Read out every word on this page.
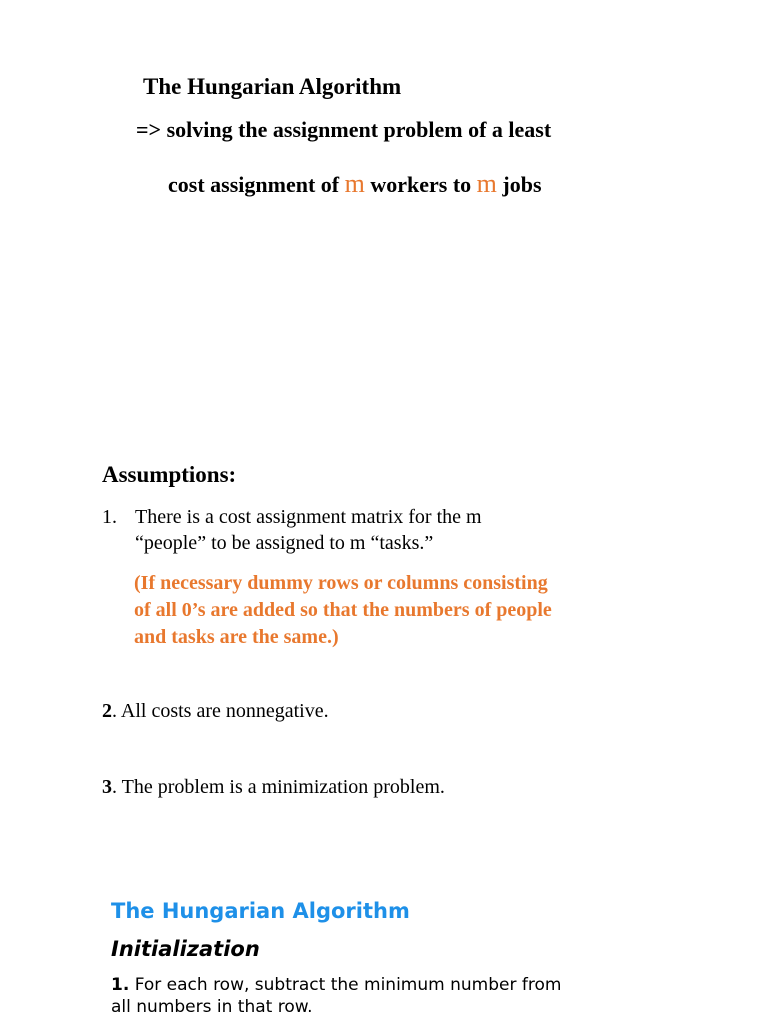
The Hungarian Algorithm
=> solving the assignment problem of a least
cost assignment of m workers to m jobs
Assumptions:
1. There is a cost assignment matrix for the m
“people” to be assigned to m “tasks.”
(If necessary dummy rows or columns consisting
of all 0’s are added so that the numbers of people
and tasks are the same.)
2. All costs are nonnegative.
3. The problem is a minimization problem.
The Hungarian Algorithm
Initialization
1. For each row, subtract the minimum number from
all numbers in that row.
